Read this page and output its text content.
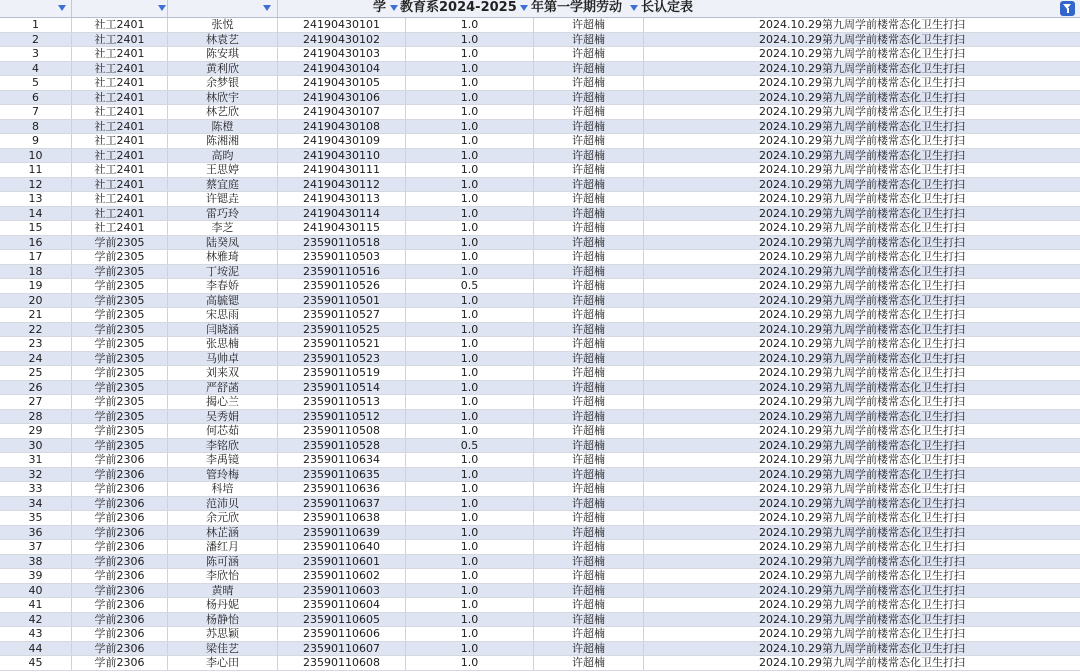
学 教育系2024-2025 年第一学期劳动 长认定表
1	社工2401	张悦	24190430101	1.0	许超楠	2024.10.29第九周学前楼常态化卫生打扫
2	社工2401	林袁艺	24190430102	1.0	许超楠	2024.10.29第九周学前楼常态化卫生打扫
3	社工2401	陈安琪	24190430103	1.0	许超楠	2024.10.29第九周学前楼常态化卫生打扫
4	社工2401	黄利欣	24190430104	1.0	许超楠	2024.10.29第九周学前楼常态化卫生打扫
5	社工2401	余梦银	24190430105	1.0	许超楠	2024.10.29第九周学前楼常态化卫生打扫
6	社工2401	林欣宇	24190430106	1.0	许超楠	2024.10.29第九周学前楼常态化卫生打扫
7	社工2401	林艺欣	24190430107	1.0	许超楠	2024.10.29第九周学前楼常态化卫生打扫
8	社工2401	陈橙	24190430108	1.0	许超楠	2024.10.29第九周学前楼常态化卫生打扫
9	社工2401	陈湘湘	24190430109	1.0	许超楠	2024.10.29第九周学前楼常态化卫生打扫
10	社工2401	高昀	24190430110	1.0	许超楠	2024.10.29第九周学前楼常态化卫生打扫
11	社工2401	王思婷	24190430111	1.0	许超楠	2024.10.29第九周学前楼常态化卫生打扫
12	社工2401	蔡宜庭	24190430112	1.0	许超楠	2024.10.29第九周学前楼常态化卫生打扫
13	社工2401	许锶垚	24190430113	1.0	许超楠	2024.10.29第九周学前楼常态化卫生打扫
14	社工2401	雷巧玲	24190430114	1.0	许超楠	2024.10.29第九周学前楼常态化卫生打扫
15	社工2401	李芝	24190430115	1.0	许超楠	2024.10.29第九周学前楼常态化卫生打扫
16	学前2305	陆癸凤	23590110518	1.0	许超楠	2024.10.29第九周学前楼常态化卫生打扫
17	学前2305	林雅琦	23590110503	1.0	许超楠	2024.10.29第九周学前楼常态化卫生打扫
18	学前2305	丁垵泥	23590110516	1.0	许超楠	2024.10.29第九周学前楼常态化卫生打扫
19	学前2305	李春娇	23590110526	0.5	许超楠	2024.10.29第九周学前楼常态化卫生打扫
20	学前2305	高毓锶	23590110501	1.0	许超楠	2024.10.29第九周学前楼常态化卫生打扫
21	学前2305	宋思雨	23590110527	1.0	许超楠	2024.10.29第九周学前楼常态化卫生打扫
22	学前2305	闫晓涵	23590110525	1.0	许超楠	2024.10.29第九周学前楼常态化卫生打扫
23	学前2305	张思楠	23590110521	1.0	许超楠	2024.10.29第九周学前楼常态化卫生打扫
24	学前2305	马帅卓	23590110523	1.0	许超楠	2024.10.29第九周学前楼常态化卫生打扫
25	学前2305	刘来双	23590110519	1.0	许超楠	2024.10.29第九周学前楼常态化卫生打扫
26	学前2305	严舒菡	23590110514	1.0	许超楠	2024.10.29第九周学前楼常态化卫生打扫
27	学前2305	揭心兰	23590110513	1.0	许超楠	2024.10.29第九周学前楼常态化卫生打扫
28	学前2305	吴秀娟	23590110512	1.0	许超楠	2024.10.29第九周学前楼常态化卫生打扫
29	学前2305	何芯茹	23590110508	1.0	许超楠	2024.10.29第九周学前楼常态化卫生打扫
30	学前2305	李铭欣	23590110528	0.5	许超楠	2024.10.29第九周学前楼常态化卫生打扫
31	学前2306	李禹镜	23590110634	1.0	许超楠	2024.10.29第九周学前楼常态化卫生打扫
32	学前2306	管玲梅	23590110635	1.0	许超楠	2024.10.29第九周学前楼常态化卫生打扫
33	学前2306	科培	23590110636	1.0	许超楠	2024.10.29第九周学前楼常态化卫生打扫
34	学前2306	范沛贝	23590110637	1.0	许超楠	2024.10.29第九周学前楼常态化卫生打扫
35	学前2306	余元欣	23590110638	1.0	许超楠	2024.10.29第九周学前楼常态化卫生打扫
36	学前2306	林芷涵	23590110639	1.0	许超楠	2024.10.29第九周学前楼常态化卫生打扫
37	学前2306	潘红月	23590110640	1.0	许超楠	2024.10.29第九周学前楼常态化卫生打扫
38	学前2306	陈可涵	23590110601	1.0	许超楠	2024.10.29第九周学前楼常态化卫生打扫
39	学前2306	李欣怡	23590110602	1.0	许超楠	2024.10.29第九周学前楼常态化卫生打扫
40	学前2306	黄晴	23590110603	1.0	许超楠	2024.10.29第九周学前楼常态化卫生打扫
41	学前2306	杨丹妮	23590110604	1.0	许超楠	2024.10.29第九周学前楼常态化卫生打扫
42	学前2306	杨静怡	23590110605	1.0	许超楠	2024.10.29第九周学前楼常态化卫生打扫
43	学前2306	苏思颖	23590110606	1.0	许超楠	2024.10.29第九周学前楼常态化卫生打扫
44	学前2306	梁佳艺	23590110607	1.0	许超楠	2024.10.29第九周学前楼常态化卫生打扫
45	学前2306	李心田	23590110608	1.0	许超楠	2024.10.29第九周学前楼常态化卫生打扫
